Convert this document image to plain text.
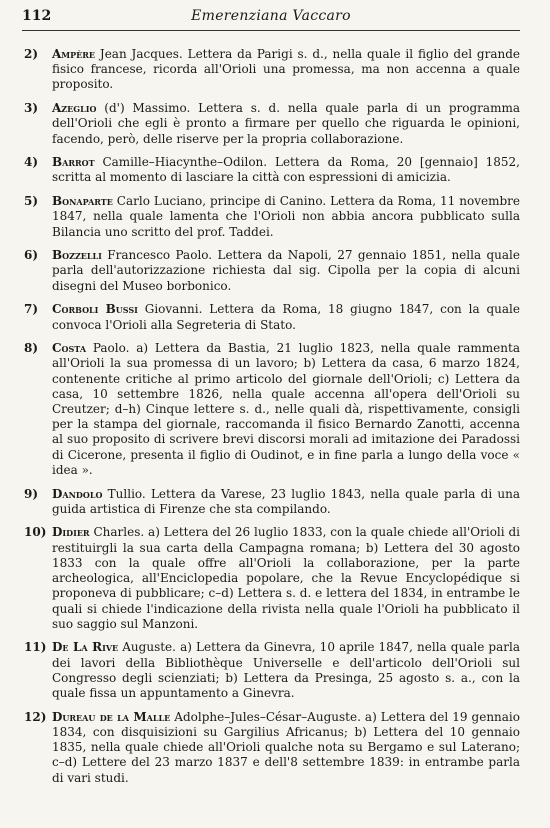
112	Emerenziana Vaccaro
2) Ampère Jean Jacques. Lettera da Parigi s. d., nella quale il figlio del grande fisico francese, ricorda all'Orioli una promessa, ma non accenna a quale proposito.
3) Azeglio (d') Massimo. Lettera s. d. nella quale parla di un programma dell'Orioli che egli è pronto a firmare per quello che riguarda le opinioni, facendo, però, delle riserve per la propria collaborazione.
4) Barrot Camille–Hiacynthe–Odilon. Lettera da Roma, 20 [gennaio] 1852, scritta al momento di lasciare la città con espressioni di amicizia.
5) Bonaparte Carlo Luciano, principe di Canino. Lettera da Roma, 11 novembre 1847, nella quale lamenta che l'Orioli non abbia ancora pubblicato sulla Bilancia uno scritto del prof. Taddei.
6) Bozzelli Francesco Paolo. Lettera da Napoli, 27 gennaio 1851, nella quale parla dell'autorizzazione richiesta dal sig. Cipolla per la copia di alcuni disegni del Museo borbonico.
7) Corboli Bussi Giovanni. Lettera da Roma, 18 giugno 1847, con la quale convoca l'Orioli alla Segreteria di Stato.
8) Costa Paolo. a) Lettera da Bastia, 21 luglio 1823, nella quale rammenta all'Orioli la sua promessa di un lavoro; b) Lettera da casa, 6 marzo 1824, contenente critiche al primo articolo del giornale dell'Orioli; c) Lettera da casa, 10 settembre 1826, nella quale accenna all'opera dell'Orioli su Creutzer; d–h) Cinque lettere s. d., nelle quali dà, rispettivamente, consigli per la stampa del giornale, raccomanda il fisico Bernardo Zanotti, accenna al suo proposito di scrivere brevi discorsi morali ad imitazione dei Paradossi di Cicerone, presenta il figlio di Oudinot, e in fine parla a lungo della voce « idea ».
9) Dandolo Tullio. Lettera da Varese, 23 luglio 1843, nella quale parla di una guida artistica di Firenze che sta compilando.
10) Didier Charles. a) Lettera del 26 luglio 1833, con la quale chiede all'Orioli di restituirgli la sua carta della Campagna romana; b) Lettera del 30 agosto 1833 con la quale offre all'Orioli la collaborazione, per la parte archeologica, all'Enciclopedia popolare, che la Revue Encyclopédique si proponeva di pubblicare; c–d) Lettera s. d. e lettera del 1834, in entrambe le quali si chiede l'indicazione della rivista nella quale l'Orioli ha pubblicato il suo saggio sul Manzoni.
11) De La Rive Auguste. a) Lettera da Ginevra, 10 aprile 1847, nella quale parla dei lavori della Bibliothèque Universelle e dell'articolo dell'Orioli sul Congresso degli scienziati; b) Lettera da Presinga, 25 agosto s. a., con la quale fissa un appuntamento a Ginevra.
12) Dureau de la Malle Adolphe–Jules–César–Auguste. a) Lettera del 19 gennaio 1834, con disquisizioni su Gargilius Africanus; b) Lettera del 10 gennaio 1835, nella quale chiede all'Orioli qualche nota su Bergamo e sul Laterano; c–d) Lettere del 23 marzo 1837 e dell'8 settembre 1839: in entrambe parla di vari studi.
